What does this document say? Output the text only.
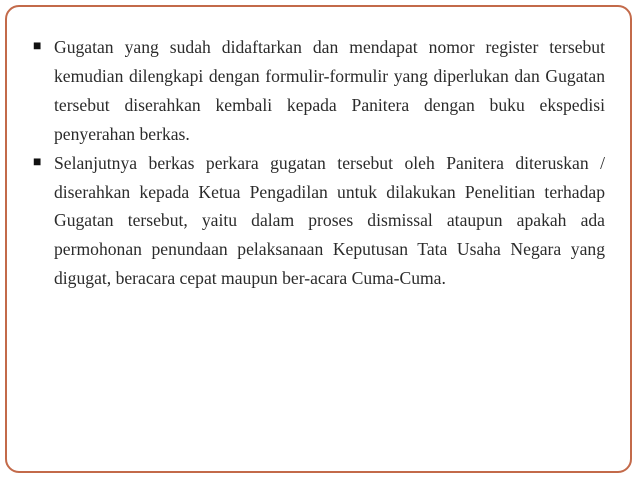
■ Gugatan yang sudah didaftarkan dan mendapat nomor register tersebut kemudian dilengkapi dengan formulir-formulir yang diperlukan dan Gugatan tersebut diserahkan kembali kepada Panitera dengan buku ekspedisi penyerahan berkas.
■ Selanjutnya berkas perkara gugatan tersebut oleh Panitera diteruskan / diserahkan kepada Ketua Pengadilan untuk dilakukan Penelitian terhadap Gugatan tersebut, yaitu dalam proses dismissal ataupun apakah ada permohonan penundaan pelaksanaan Keputusan Tata Usaha Negara yang digugat, beracara cepat maupun ber-acara Cuma-Cuma.
